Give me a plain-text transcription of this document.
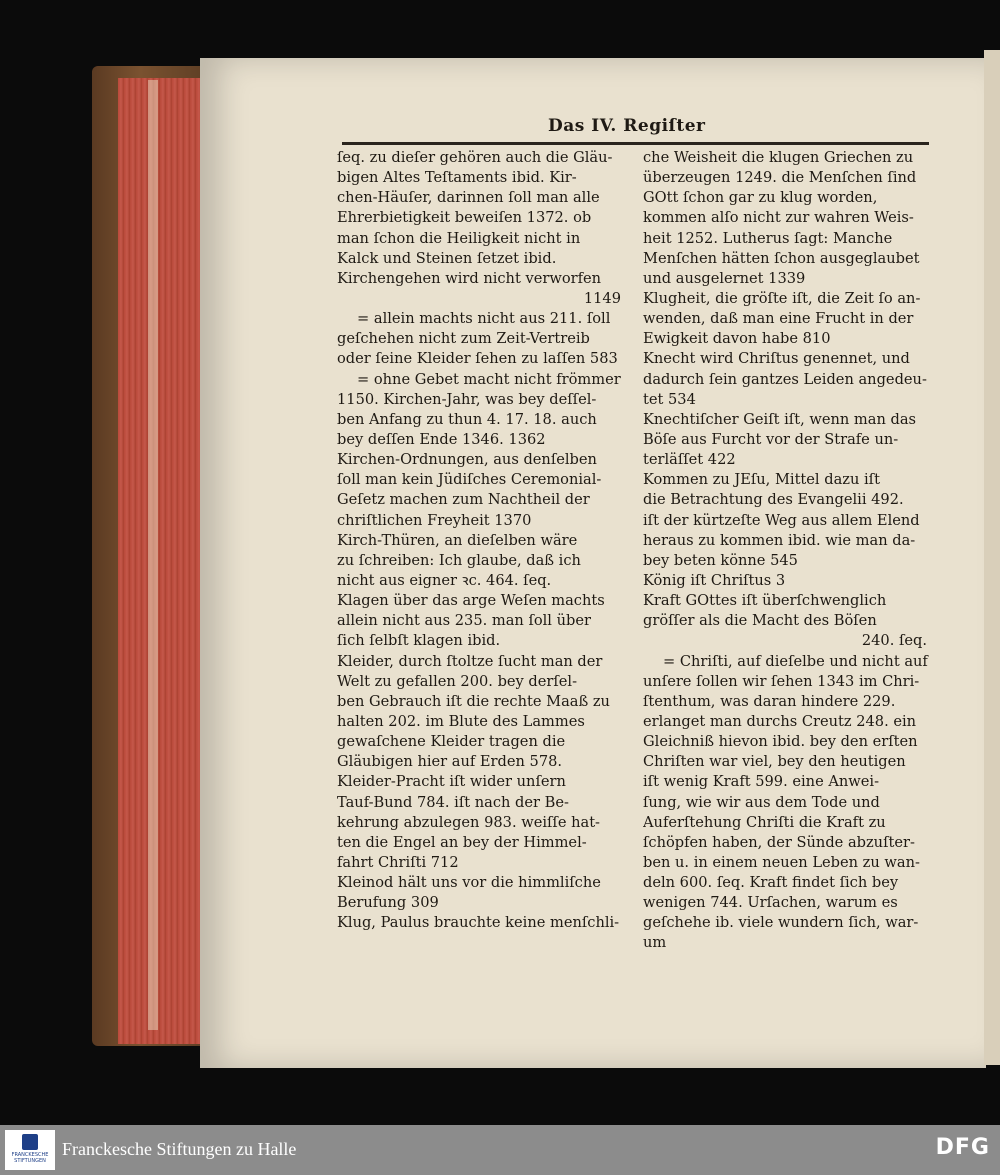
Das IV. Regiſter
ſeq. zu dieſer gehören auch die Gläu-
bigen Altes Teſtaments ibid. Kir-
chen-Häuſer, darinnen ſoll man alle
Ehrerbietigkeit beweiſen 1372. ob
man ſchon die Heiligkeit nicht in
Kalck und Steinen ſetzet ibid.
Kirchengehen wird nicht verworfen
1149
= allein machts nicht aus 211. ſoll
geſchehen nicht zum Zeit-Vertreib
oder ſeine Kleider ſehen zu laſſen 583
= ohne Gebet macht nicht frömmer
1150. Kirchen-Jahr, was bey deſſel-
ben Anfang zu thun 4. 17. 18. auch
bey deſſen Ende 1346. 1362
Kirchen-Ordnungen, aus denſelben
ſoll man kein Jüdiſches Ceremonial-
Geſetz machen zum Nachtheil der
chriſtlichen Freyheit 1370
Kirch-Thüren, an dieſelben wäre
zu ſchreiben: Ich glaube, daß ich
nicht aus eigner ꝛc. 464. ſeq.
Klagen über das arge Weſen machts
allein nicht aus 235. man ſoll über
ſich ſelbſt klagen ibid.
Kleider, durch ſtoltze ſucht man der
Welt zu gefallen 200. bey derſel-
ben Gebrauch iſt die rechte Maaß zu
halten 202. im Blute des Lammes
gewaſchene Kleider tragen die
Gläubigen hier auf Erden 578.
Kleider-Pracht iſt wider unſern
Tauf-Bund 784. iſt nach der Be-
kehrung abzulegen 983. weiſſe hat-
ten die Engel an bey der Himmel-
fahrt Chriſti 712
Kleinod hält uns vor die himmliſche
Berufung 309
Klug, Paulus brauchte keine menſchli-
che Weisheit die klugen Griechen zu
überzeugen 1249. die Menſchen ſind
GOtt ſchon gar zu klug worden,
kommen alſo nicht zur wahren Weis-
heit 1252. Lutherus ſagt: Manche
Menſchen hätten ſchon ausgeglaubet
und ausgelernet 1339
Klugheit, die gröſte iſt, die Zeit ſo an-
wenden, daß man eine Frucht in der
Ewigkeit davon habe 810
Knecht wird Chriſtus genennet, und
dadurch ſein gantzes Leiden angedeu-
tet 534
Knechtiſcher Geiſt iſt, wenn man das
Böſe aus Furcht vor der Strafe un-
terläſſet 422
Kommen zu JEſu, Mittel dazu iſt
die Betrachtung des Evangelii 492.
iſt der kürtzeſte Weg aus allem Elend
heraus zu kommen ibid. wie man da-
bey beten könne 545
König iſt Chriſtus 3
Kraft GOttes iſt überſchwenglich
gröſſer als die Macht des Böſen
240. ſeq.
= Chriſti, auf dieſelbe und nicht auf
unſere ſollen wir ſehen 1343 im Chri-
ſtenthum, was daran hindere 229.
erlanget man durchs Creutz 248. ein
Gleichniß hievon ibid. bey den erſten
Chriſten war viel, bey den heutigen
iſt wenig Kraft 599. eine Anwei-
ſung, wie wir aus dem Tode und
Auferſtehung Chriſti die Kraft zu
ſchöpfen haben, der Sünde abzuſter-
ben u. in einem neuen Leben zu wan-
deln 600. ſeq. Kraft findet ſich bey
wenigen 744. Urſachen, warum es
geſchehe ib. viele wundern ſich, war-
um
FRANCKESCHE STIFTUNGEN
Franckesche Stiftungen zu Halle	DFG
